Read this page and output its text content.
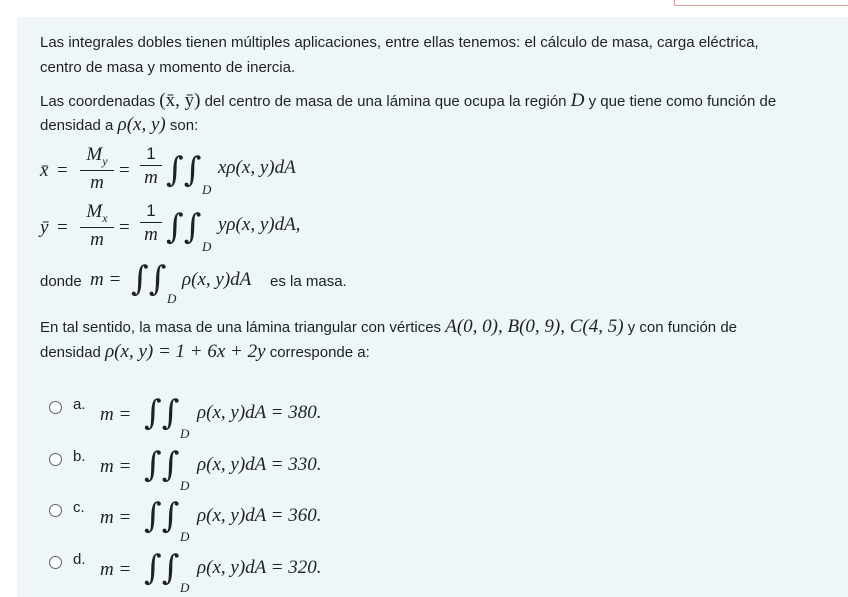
Las integrales dobles tienen múltiples aplicaciones, entre ellas tenemos: el cálculo de masa, carga eléctrica,
centro de masa y momento de inercia.
Las coordenadas (x̄, ȳ) del centro de masa de una lámina que ocupa la región D y que tiene como función de
densidad a ρ(x, y) son:
x̄ =
$M_y$
m
=
1
m ∫∫ D
xρ(x, y)dA
ȳ =
$M_x$
m
=
1
m ∫∫ D
yρ(x, y)dA,
donde m = ∫∫ D
ρ(x, y)dA es la masa.
En tal sentido, la masa de una lámina triangular con vértices A(0, 0), B(0, 9), C(4, 5) y con función de
densidad ρ(x, y) = 1 + 6x + 2y corresponde a:
a. m = ∫∫
D
ρ(x, y)dA = 380.
b. m = ∫∫
D
ρ(x, y)dA = 330.
c. m = ∫∫
D
ρ(x, y)dA = 360.
d. m = ∫∫ D
ρ(x, y)dA = 320.
